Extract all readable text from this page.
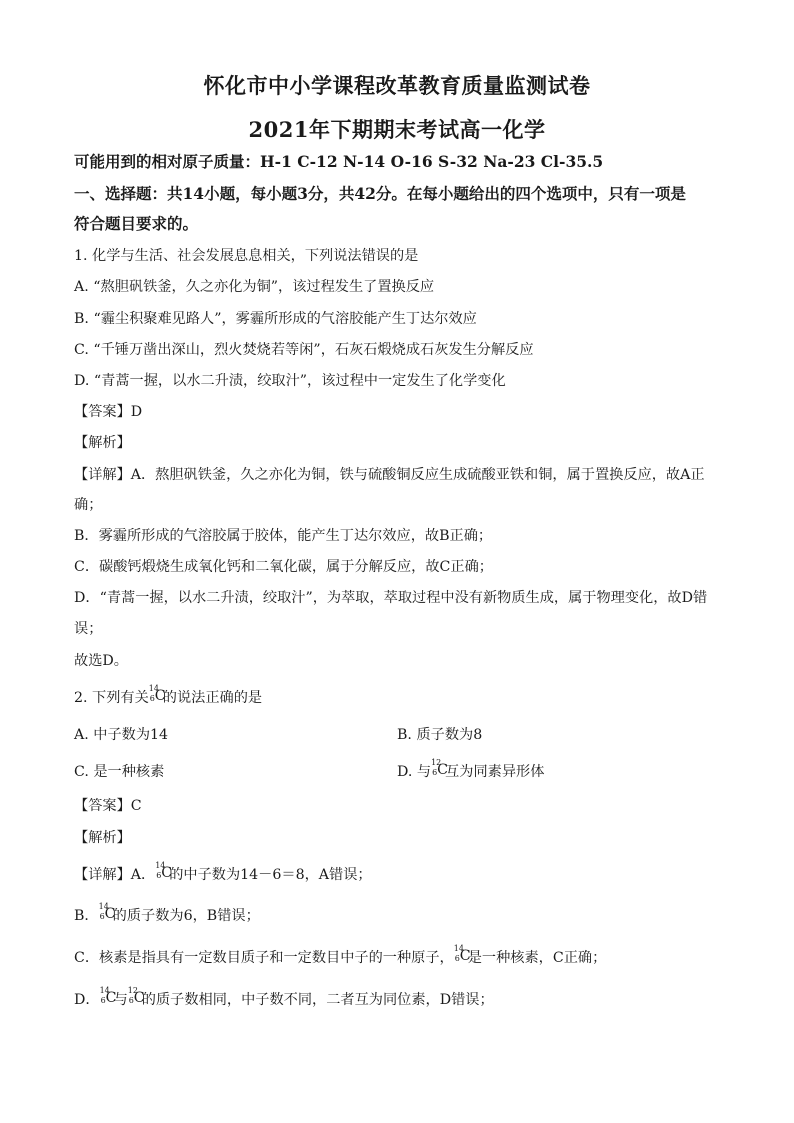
怀化市中小学课程改革教育质量监测试卷
2021年下期期末考试高一化学
可能用到的相对原子质量：H-1 C-12 N-14 O-16 S-32 Na-23 Cl-35.5
一、选择题：共14小题，每小题3分，共42分。在每小题给出的四个选项中，只有一项是
符合题目要求的。
1. 化学与生活、社会发展息息相关，下列说法错误的是
A. “熬胆矾铁釜，久之亦化为铜”，该过程发生了置换反应
B. “霾尘积聚难见路人”，雾霾所形成的气溶胶能产生丁达尔效应
C. “千锤万凿出深山，烈火焚烧若等闲”，石灰石煅烧成石灰发生分解反应
D. “青蒿一握，以水二升渍，绞取汁”，该过程中一定发生了化学变化
【答案】D
【解析】
【详解】A．熬胆矾铁釜，久之亦化为铜，铁与硫酸铜反应生成硫酸亚铁和铜，属于置换反应，故A正
确；
B．雾霾所形成的气溶胶属于胶体，能产生丁达尔效应，故B正确；
C．碳酸钙煅烧生成氧化钙和二氧化碳，属于分解反应，故C正确；
D．“青蒿一握，以水二升渍，绞取汁”，为萃取，萃取过程中没有新物质生成，属于物理变化，故D错
误；
故选D。
2. 下列有关
14
6 C
的说法正确的是
A. 中子数为14	B. 质子数为8
C. 是一种核素	D. 与
12
6 C
互为同素异形体
【答案】C
【解析】
【详解】A．
14
6 C
的中子数为14－6＝8，A错误；
B．
14
6 C
的质子数为6，B错误；
C．核素是指具有一定数目质子和一定数目中子的一种原子，
14
6 C
是一种核素，C正确；
D．
14
6 C
与
12
6 C
的质子数相同，中子数不同，二者互为同位素，D错误；
